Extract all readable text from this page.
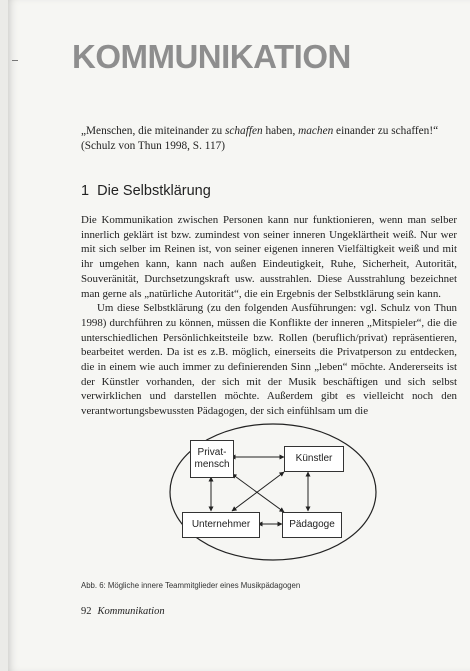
KOMMUNIKATION

„Menschen, die miteinander zu schaffen haben, machen einander zu schaffen!“
(Schulz von Thun 1998, S. 117)

1 Die Selbstklärung

Die Kommunikation zwischen Personen kann nur funktionieren, wenn man selber innerlich geklärt ist bzw. zumindest von seiner inneren Ungeklärtheit weiß. Nur wer mit sich selber im Reinen ist, von seiner eigenen inneren Vielfältigkeit weiß und mit ihr umgehen kann, kann nach außen Eindeutigkeit, Ruhe, Sicherheit, Autorität, Souveränität, Durchsetzungskraft usw. ausstrahlen. Diese Ausstrahlung bezeichnet man gerne als „natürliche Autorität“, die ein Ergebnis der Selbstklärung sein kann.

Um diese Selbstklärung (zu den folgenden Ausführungen: vgl. Schulz von Thun 1998) durchführen zu können, müssen die Konflikte der inneren „Mitspieler“, die die unterschiedlichen Persönlichkeitsteile bzw. Rollen (beruflich/privat) repräsentieren, bearbeitet werden. Da ist es z.B. möglich, einerseits die Privatperson zu entdecken, die in einem wie auch immer zu definierenden Sinn „leben“ möchte. Andererseits ist der Künstler vorhanden, der sich mit der Musik beschäftigen und sich selbst verwirklichen und darstellen möchte. Außerdem gibt es vielleicht noch den verantwortungsbewussten Pädagogen, der sich einfühlsam um die

Privat-
mensch
Künstler
Unternehmer	Pädagoge

Abb. 6: Mögliche innere Teammitglieder eines Musikpädagogen

92 Kommunikation
